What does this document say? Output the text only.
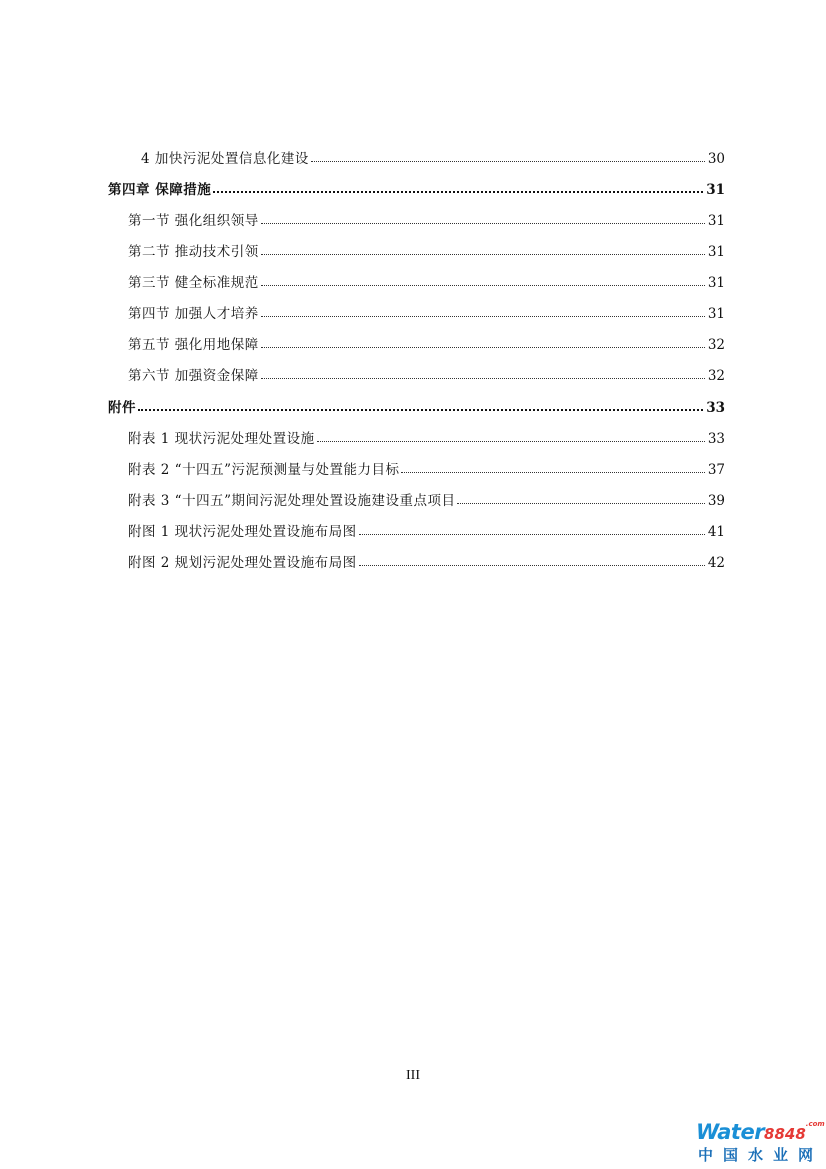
4 加快污泥处置信息化建设	30
第四章 保障措施	31
第一节 强化组织领导	31
第二节 推动技术引领	31
第三节 健全标准规范	31
第四节 加强人才培养	31
第五节 强化用地保障	32
第六节 加强资金保障	32
附件	33
附表 1 现状污泥处理处置设施	33
附表 2 “十四五”污泥预测量与处置能力目标	37
附表 3 “十四五”期间污泥处理处置设施建设重点项目	39
附图 1 现状污泥处理处置设施布局图	41
附图 2 规划污泥处理处置设施布局图	42
III
$Water8848^{.com}$
中国水业网
